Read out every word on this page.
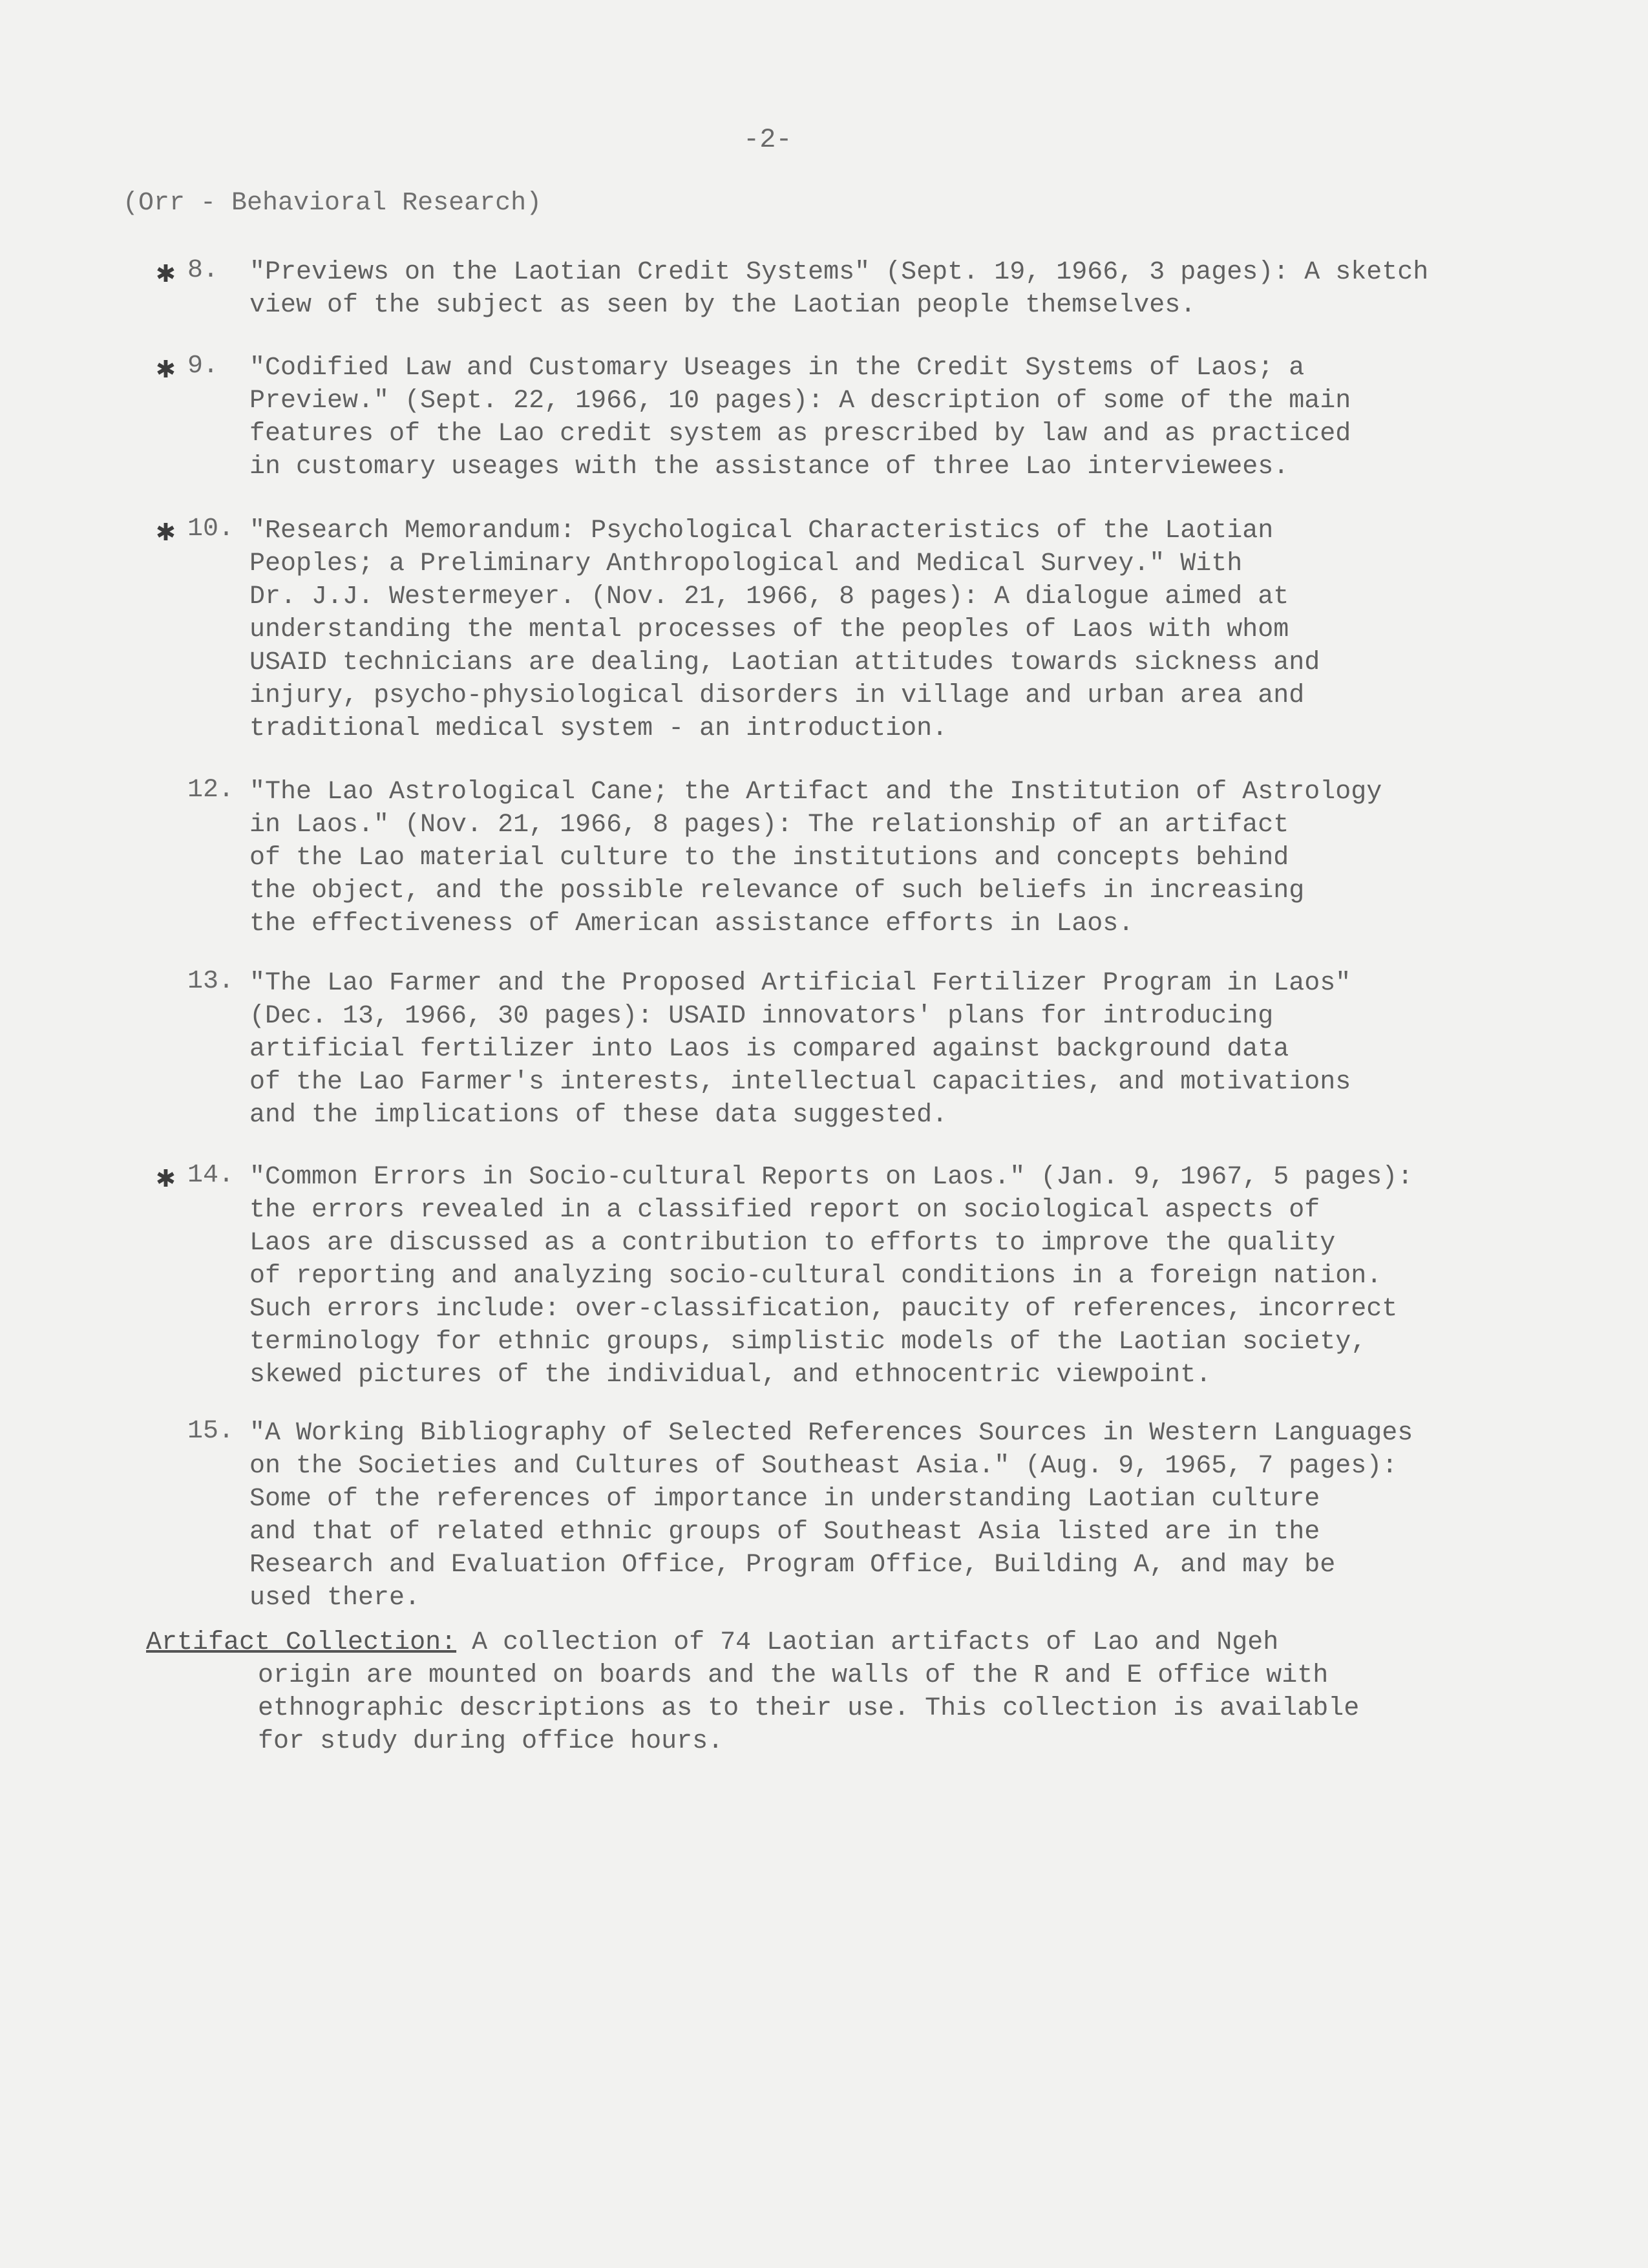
-2-
(Orr - Behavioral Research)
✱ 8. "Previews on the Laotian Credit Systems" (Sept. 19, 1966, 3 pages): A sketch
view of the subject as seen by the Laotian people themselves.
✱ 9. "Codified Law and Customary Useages in the Credit Systems of Laos; a
Preview." (Sept. 22, 1966, 10 pages): A description of some of the main
features of the Lao credit system as prescribed by law and as practiced
in customary useages with the assistance of three Lao interviewees.
✱ 10. "Research Memorandum: Psychological Characteristics of the Laotian
Peoples; a Preliminary Anthropological and Medical Survey." With
Dr. J.J. Westermeyer. (Nov. 21, 1966, 8 pages): A dialogue aimed at
understanding the mental processes of the peoples of Laos with whom
USAID technicians are dealing, Laotian attitudes towards sickness and
injury, psycho-physiological disorders in village and urban area and
traditional medical system - an introduction.
12. "The Lao Astrological Cane; the Artifact and the Institution of Astrology
in Laos." (Nov. 21, 1966, 8 pages): The relationship of an artifact
of the Lao material culture to the institutions and concepts behind
the object, and the possible relevance of such beliefs in increasing
the effectiveness of American assistance efforts in Laos.
13. "The Lao Farmer and the Proposed Artificial Fertilizer Program in Laos"
(Dec. 13, 1966, 30 pages): USAID innovators' plans for introducing
artificial fertilizer into Laos is compared against background data
of the Lao Farmer's interests, intellectual capacities, and motivations
and the implications of these data suggested.
✱ 14. "Common Errors in Socio-cultural Reports on Laos." (Jan. 9, 1967, 5 pages):
the errors revealed in a classified report on sociological aspects of
Laos are discussed as a contribution to efforts to improve the quality
of reporting and analyzing socio-cultural conditions in a foreign nation.
Such errors include: over-classification, paucity of references, incorrect
terminology for ethnic groups, simplistic models of the Laotian society,
skewed pictures of the individual, and ethnocentric viewpoint.
15. "A Working Bibliography of Selected References Sources in Western Languages
on the Societies and Cultures of Southeast Asia." (Aug. 9, 1965, 7 pages):
Some of the references of importance in understanding Laotian culture
and that of related ethnic groups of Southeast Asia listed are in the
Research and Evaluation Office, Program Office, Building A, and may be
used there.
Artifact Collection: A collection of 74 Laotian artifacts of Lao and Ngeh
origin are mounted on boards and the walls of the R and E office with
ethnographic descriptions as to their use. This collection is available
for study during office hours.
